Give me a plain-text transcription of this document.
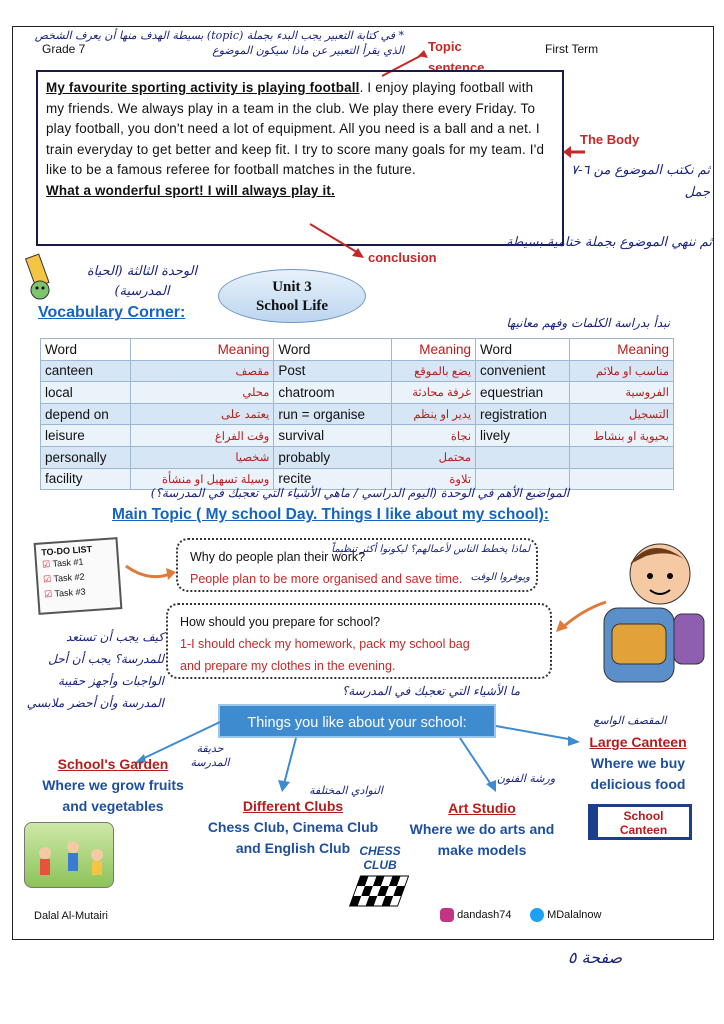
Grade 7	First Term
* في كتابة التعبير يجب البدء بجملة (topic) بسيطة الهدف منها أن يعرف الشخص الذي يقرأ التعبير عن ماذا سيكون الموضوع Topic sentence
My favourite sporting activity is playing football. I enjoy playing football with my friends. We always play in a team in the club. We play there every Friday. To play football, you don't need a lot of equipment. All you need is a ball and a net. I train everyday to get better and keep fit. I try to score many goals for my team. I'd like to be a famous referee for football matches in the future.
What a wonderful sport! I will always play it.
The Body
ثم نكتب الموضوع من ٦-٧ جمل
ثم ننهي الموضوع بجملة ختامية بسيطة
conclusion
الوحدة الثالثة (الحياة المدرسية)	Unit 3
School Life
Vocabulary Corner:
نبدأ بدراسة الكلمات وفهم معانيها
Word	Meaning	Word	Meaning	Word	Meaning
canteen	مقصف	Post	يضع بالموقع	convenient	مناسب او ملائم
local	محلي	chatroom	غرفة محادثة	equestrian	الفروسية
depend on	يعتمد على	run = organise	يدير او ينظم	registration	التسجيل
leisure	وقت الفراغ	survival	نجاة	lively	بحيوية او بنشاط
personally	شخصيا	probably	محتمل		
facility	وسيلة تسهيل او منشأة	recite	تلاوة		
المواضيع الأهم في الوحدة (اليوم الدراسي / ماهي الأشياء التي تعجبك في المدرسة؟)
Main Topic ( My school Day. Things I like about my school):
TO-DO LIST
☑ Task #1
☑ Task #2
☑ Task #3
Why do people plan their work?
People plan to be more organised and save time.
لماذا يخطط الناس لأعمالهم؟ ليكونوا أكثر تنظيماً ويوفروا الوقت
How should you prepare for school?
1-I should check my homework, pack my school bag
and prepare my clothes in the evening.
كيف يجب أن تستعد للمدرسة؟ يجب أن أحل الواجبات وأجهز حقيبة المدرسة وأن أحضر ملابسي
ما الأشياء التي تعجبك في المدرسة؟
Things you like about your school:
School's Garden
Where we grow fruits
and vegetables
حديقة المدرسة
Different Clubs
Chess Club, Cinema Club
and English Club
النوادي المختلفة
Art Studio
Where we do arts and
make models
ورشة الفنون
Large Canteen
Where we buy
delicious food
المقصف الواسع
School
Canteen
CHESS
CLUB
Dalal Al-Mutairi	dandash74	MDalalnow
صفحة ٥
